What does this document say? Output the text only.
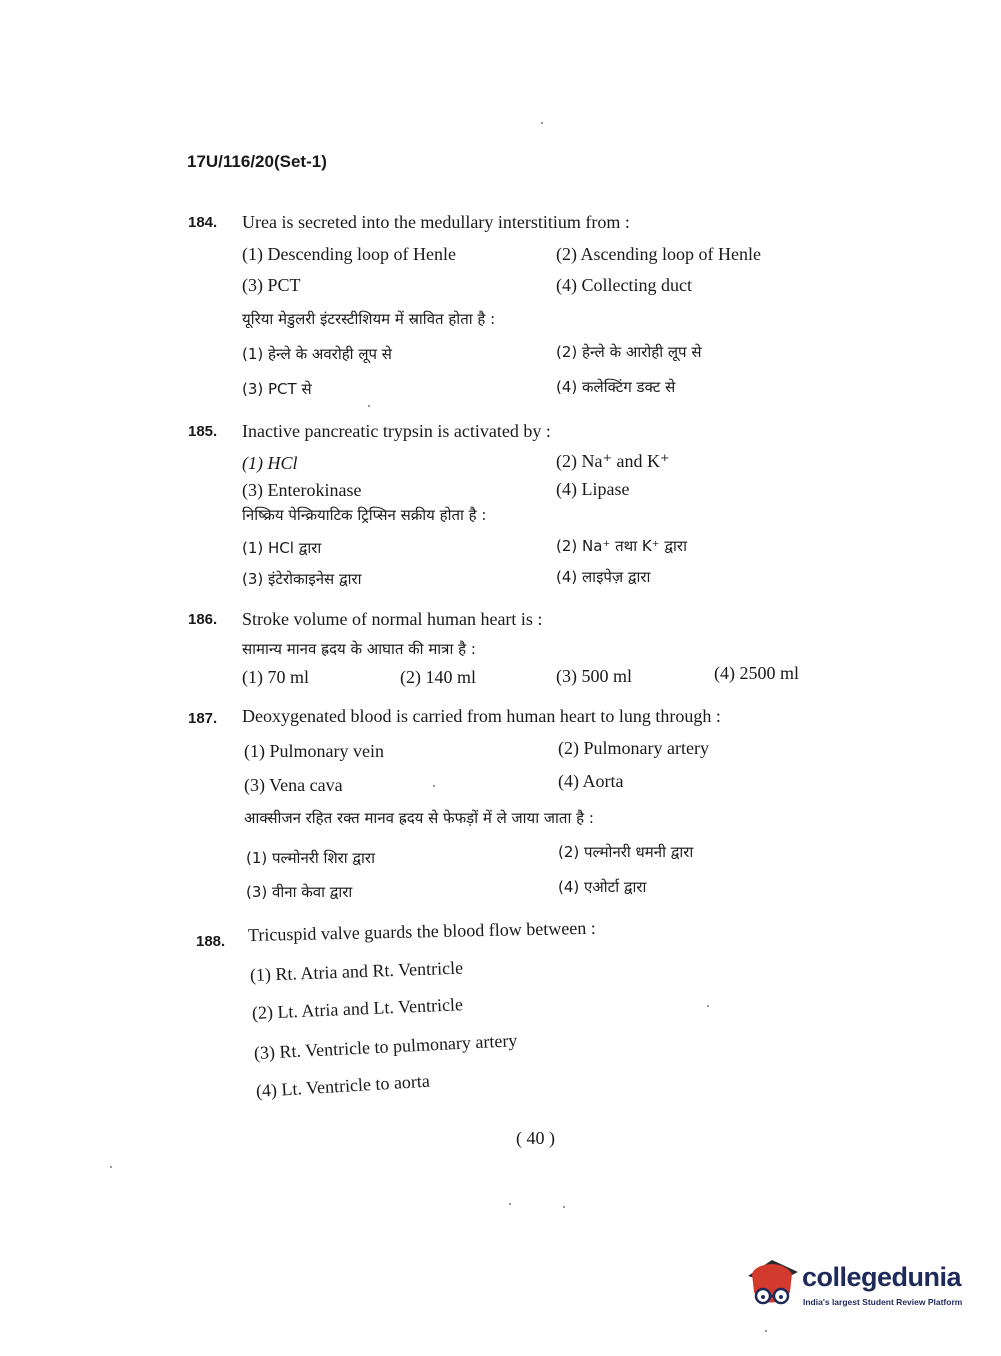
17U/116/20(Set-1)
184. Urea is secreted into the medullary interstitium from :
(1) Descending loop of Henle	(2) Ascending loop of Henle
(3) PCT	(4) Collecting duct
यूरिया मेडुलरी इंटरस्टीशियम में स्रावित होता है :
(1) हेन्ले के अवरोही लूप से	(2) हेन्ले के आरोही लूप से
(3) PCT से	(4) कलेक्टिंग डक्ट से
185. Inactive pancreatic trypsin is activated by :
(1) HCl	(2) Na⁺ and K⁺
(3) Enterokinase	(4) Lipase
निष्क्रिय पेन्क्रियाटिक ट्रिप्सिन सक्रीय होता है :
(1) HCl द्वारा	(2) Na⁺ तथा K⁺ द्वारा
(3) इंटेरोकाइनेस द्वारा	(4) लाइपेज़ द्वारा
186. Stroke volume of normal human heart is :
सामान्य मानव ह्रदय के आघात की मात्रा है :
(1) 70 ml	(2) 140 ml	(3) 500 ml	(4) 2500 ml
187. Deoxygenated blood is carried from human heart to lung through :
(1) Pulmonary vein	(2) Pulmonary artery
(3) Vena cava	(4) Aorta
आक्सीजन रहित रक्त मानव ह्रदय से फेफड़ों में ले जाया जाता है :
(1) पल्मोनरी शिरा द्वारा	(2) पल्मोनरी धमनी द्वारा
(3) वीना केवा द्वारा	(4) एओर्टा द्वारा
188. Tricuspid valve guards the blood flow between :
(1) Rt. Atria and Rt. Ventricle
(2) Lt. Atria and Lt. Ventricle
(3) Rt. Ventricle to pulmonary artery
(4) Lt. Ventricle to aorta
( 40 )
collegedunia
India's largest Student Review Platform
